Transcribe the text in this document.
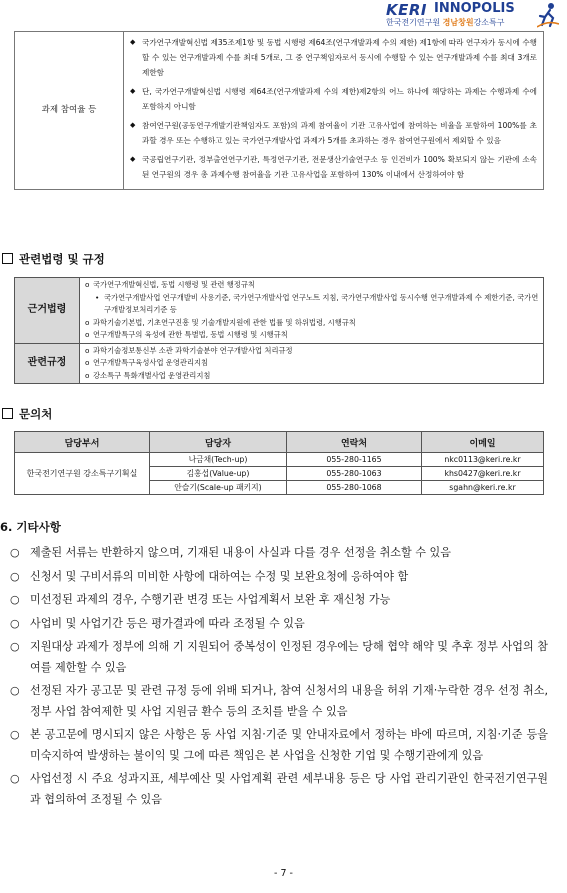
KERI INNOPOLIS
한국전기연구원 경남창원강소특구
과제 참여율 등	
◆ 국가연구개발혁신법 제35조제1항 및 동법 시행령 제64조(연구개발과제 수의 제한) 제1항에 따라 연구자가 동시에 수행할 수 있는 연구개발과제 수를 최대 5개로, 그 중 연구책임자로서 동시에 수행할 수 있는 연구개발과제 수를 최대 3개로 제한함
◆ 단, 국가연구개발혁신법 시행령 제64조(연구개발과제 수의 제한)제2항의 어느 하나에 해당하는 과제는 수행과제 수에 포함하지 아니함
◆ 참여연구원(공동연구개발기관책임자도 포함)의 과제 참여율이 기관 고유사업에 참여하는 비율을 포함하여 100%를 초과할 경우 또는 수행하고 있는 국가연구개발사업 과제가 5개를 초과하는 경우 참여연구원에서 제외할 수 있음
◆ 국공립연구기관, 정부출연연구기관, 특정연구기관, 전문생산기술연구소 등 인건비가 100% 확보되지 않는 기관에 소속된 연구원의 경우 총 과제수행 참여율을 기관 고유사업을 포함하여 130% 이내에서 산정하여야 함
관련법령 및 규정
근거법령	o 국가연구개발혁신법, 동법 시행령 및 관련 행정규칙
• 국가연구개발사업 연구개발비 사용기준, 국가연구개발사업 연구노트 지침, 국가연구개발사업 동시수행 연구개발과제 수 제한기준, 국가연구개발정보처리기준 등
o 과학기술기본법, 기초연구진흥 및 기술개발지원에 관한 법률 및 하위법령, 시행규칙
o 연구개발특구의 육성에 관한 특별법, 동법 시행령 및 시행규칙

관련규정	o 과학기술정보통신부 소관 과학기술분야 연구개발사업 처리규정
o 연구개발특구육성사업 운영관리지침
o 강소특구 특화개별사업 운영관리지침
문의처
담당부서	담당자	연락처	이메일
한국전기연구원 강소특구기획실	나금채(Tech-up)	055-280-1165	nkc0113@keri.re.kr
	김홍섭(Value-up)	055-280-1063	khs0427@keri.re.kr
	안슬기(Scale-up 패키지)	055-280-1068	sgahn@keri.re.kr
6. 기타사항
○ 제출된 서류는 반환하지 않으며, 기재된 내용이 사실과 다를 경우 선정을 취소할 수 있음
○ 신청서 및 구비서류의 미비한 사항에 대하여는 수정 및 보완요청에 응하여야 함
○ 미선정된 과제의 경우, 수행기관 변경 또는 사업계획서 보완 후 재신청 가능
○ 사업비 및 사업기간 등은 평가결과에 따라 조정될 수 있음
○ 지원대상 과제가 정부에 의해 기 지원되어 중복성이 인정된 경우에는 당해 협약 해약 및 추후 정부 사업의 참여를 제한할 수 있음
○ 선정된 자가 공고문 및 관련 규정 등에 위배 되거나, 참여 신청서의 내용을 허위 기재·누락한 경우 선정 취소, 정부 사업 참여제한 및 사업 지원금 환수 등의 조치를 받을 수 있음
○ 본 공고문에 명시되지 않은 사항은 동 사업 지침·기준 및 안내자료에서 정하는 바에 따르며, 지침·기준 등을 미숙지하여 발생하는 불이익 및 그에 따른 책임은 본 사업을 신청한 기업 및 수행기관에게 있음
○ 사업선정 시 주요 성과지표, 세부예산 및 사업계획 관련 세부내용 등은 당 사업 관리기관인 한국전기연구원과 협의하여 조정될 수 있음
- 7 -
